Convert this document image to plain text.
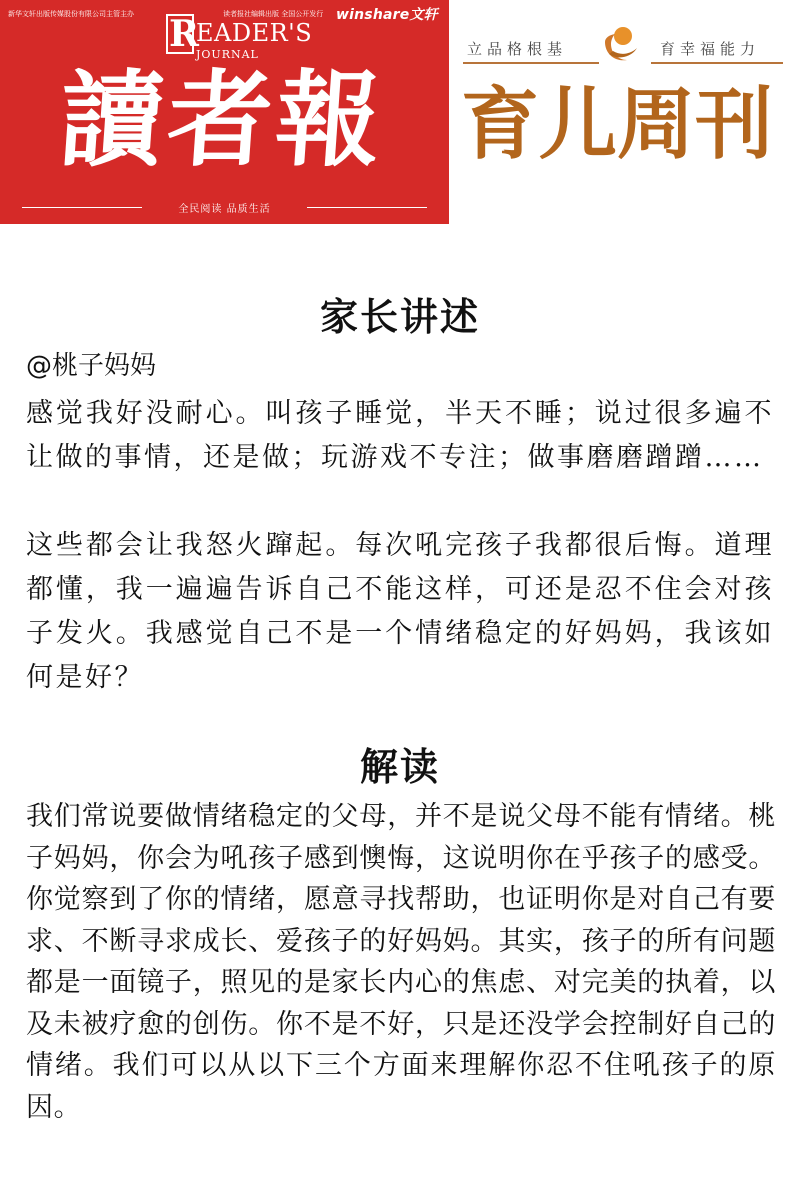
新华文轩出版传媒股份有限公司主管主办	读者报社编辑出版 全国公开发行 winshare文轩
R
EADER'S
JOURNAL
讀者報
全民阅读 品质生活
立品格根基	育幸福能力
育儿周刊
家长讲述
@桃子妈妈

感觉我好没耐心。叫孩子睡觉，半天不睡；说过很多遍不让做的事情，还是做；玩游戏不专注；做事磨磨蹭蹭……

这些都会让我怒火蹿起。每次吼完孩子我都很后悔。道理都懂，我一遍遍告诉自己不能这样，可还是忍不住会对孩子发火。我感觉自己不是一个情绪稳定的好妈妈，我该如何是好？

解读

我们常说要做情绪稳定的父母，并不是说父母不能有情绪。桃子妈妈，你会为吼孩子感到懊悔，这说明你在乎孩子的感受。你觉察到了你的情绪，愿意寻找帮助，也证明你是对自己有要求、不断寻求成长、爱孩子的好妈妈。其实，孩子的所有问题都是一面镜子，照见的是家长内心的焦虑、对完美的执着，以及未被疗愈的创伤。你不是不好，只是还没学会控制好自己的情绪。我们可以从以下三个方面来理解你忍不住吼孩子的原因。
